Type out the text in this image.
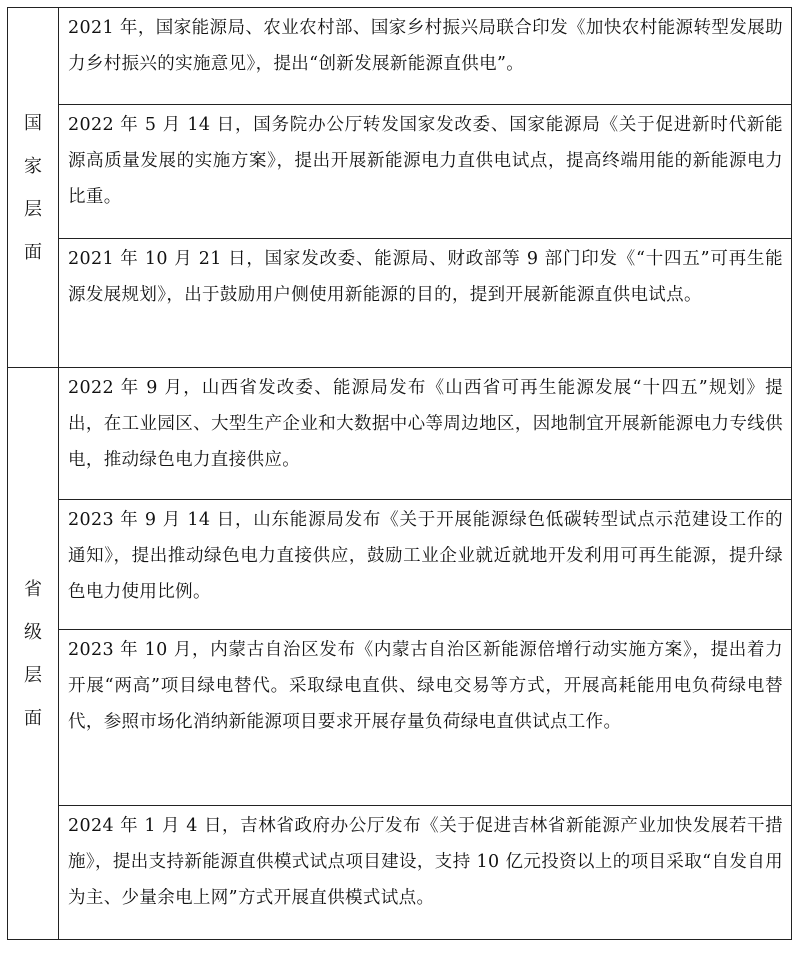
国
家
层
面
2021 年，国家能源局、农业农村部、国家乡村振兴局联合印发《加快农村能源转型发展助力乡村振兴的实施意见》，提出“创新发展新能源直供电”。
2022 年 5 月 14 日，国务院办公厅转发国家发改委、国家能源局《关于促进新时代新能源高质量发展的实施方案》，提出开展新能源电力直供电试点，提高终端用能的新能源电力比重。
2021 年 10 月 21 日，国家发改委、能源局、财政部等 9 部门印发《“十四五”可再生能源发展规划》，出于鼓励用户侧使用新能源的目的，提到开展新能源直供电试点。
省
级
层
面
2022 年 9 月，山西省发改委、能源局发布《山西省可再生能源发展“十四五”规划》提出，在工业园区、大型生产企业和大数据中心等周边地区，因地制宜开展新能源电力专线供电，推动绿色电力直接供应。
2023 年 9 月 14 日，山东能源局发布《关于开展能源绿色低碳转型试点示范建设工作的通知》，提出推动绿色电力直接供应，鼓励工业企业就近就地开发利用可再生能源，提升绿色电力使用比例。
2023 年 10 月，内蒙古自治区发布《内蒙古自治区新能源倍增行动实施方案》，提出着力开展“两高”项目绿电替代。采取绿电直供、绿电交易等方式，开展高耗能用电负荷绿电替代，参照市场化消纳新能源项目要求开展存量负荷绿电直供试点工作。
2024 年 1 月 4 日，吉林省政府办公厅发布《关于促进吉林省新能源产业加快发展若干措施》，提出支持新能源直供模式试点项目建设，支持 10 亿元投资以上的项目采取“自发自用为主、少量余电上网”方式开展直供模式试点。
